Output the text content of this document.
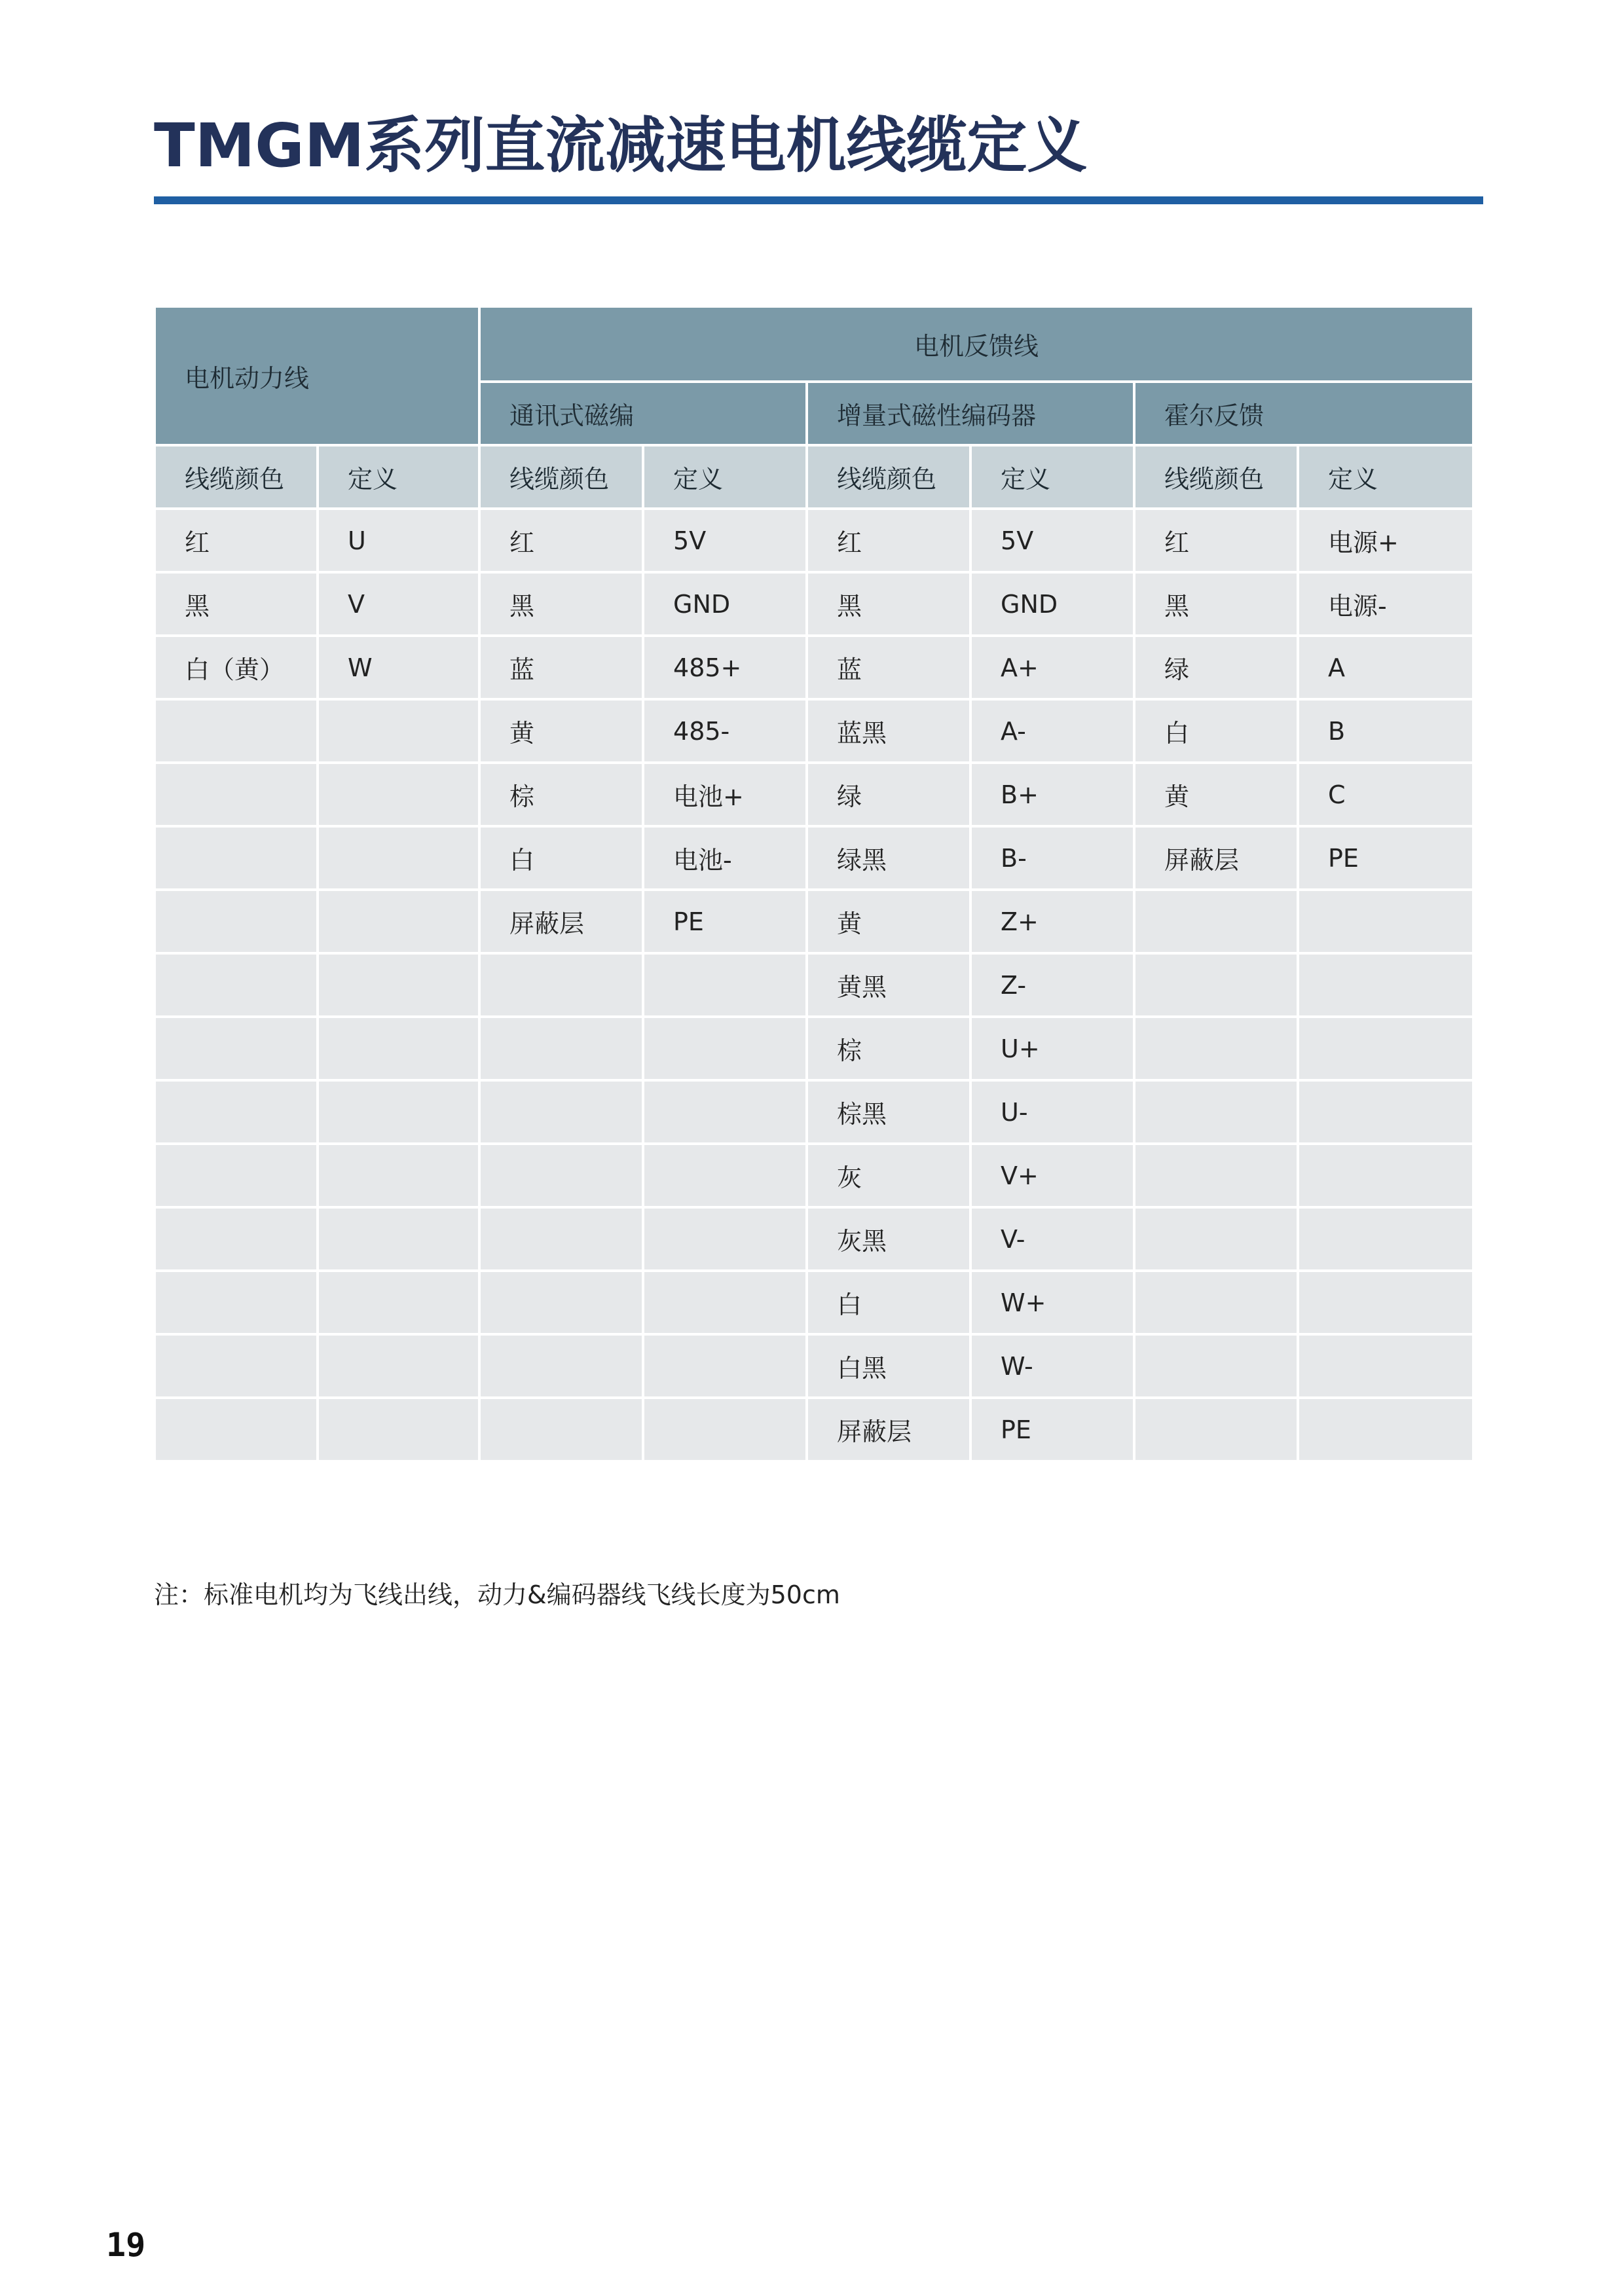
TMGM系列直流减速电机线缆定义
电机动力线		电机反馈线					
		通讯式磁编		增量式磁性编码器		霍尔反馈	
线缆颜色	定义	线缆颜色	定义	线缆颜色	定义	线缆颜色	定义
红	U	红	5V	红	5V	红	电源+
黑	V	黑	GND	黑	GND	黑	电源-
白（黄）	W	蓝	485+	蓝	A+	绿	A
		黄	485-	蓝黑	A-	白	B
		棕	电池+	绿	B+	黄	C
		白	电池-	绿黑	B-	屏蔽层	PE
		屏蔽层	PE	黄	Z+		
				黄黑	Z-		
				棕	U+		
				棕黑	U-		
				灰	V+		
				灰黑	V-		
				白	W+		
				白黑	W-		
				屏蔽层	PE		
注：标准电机均为飞线出线，动力&编码器线飞线长度为50cm
19
